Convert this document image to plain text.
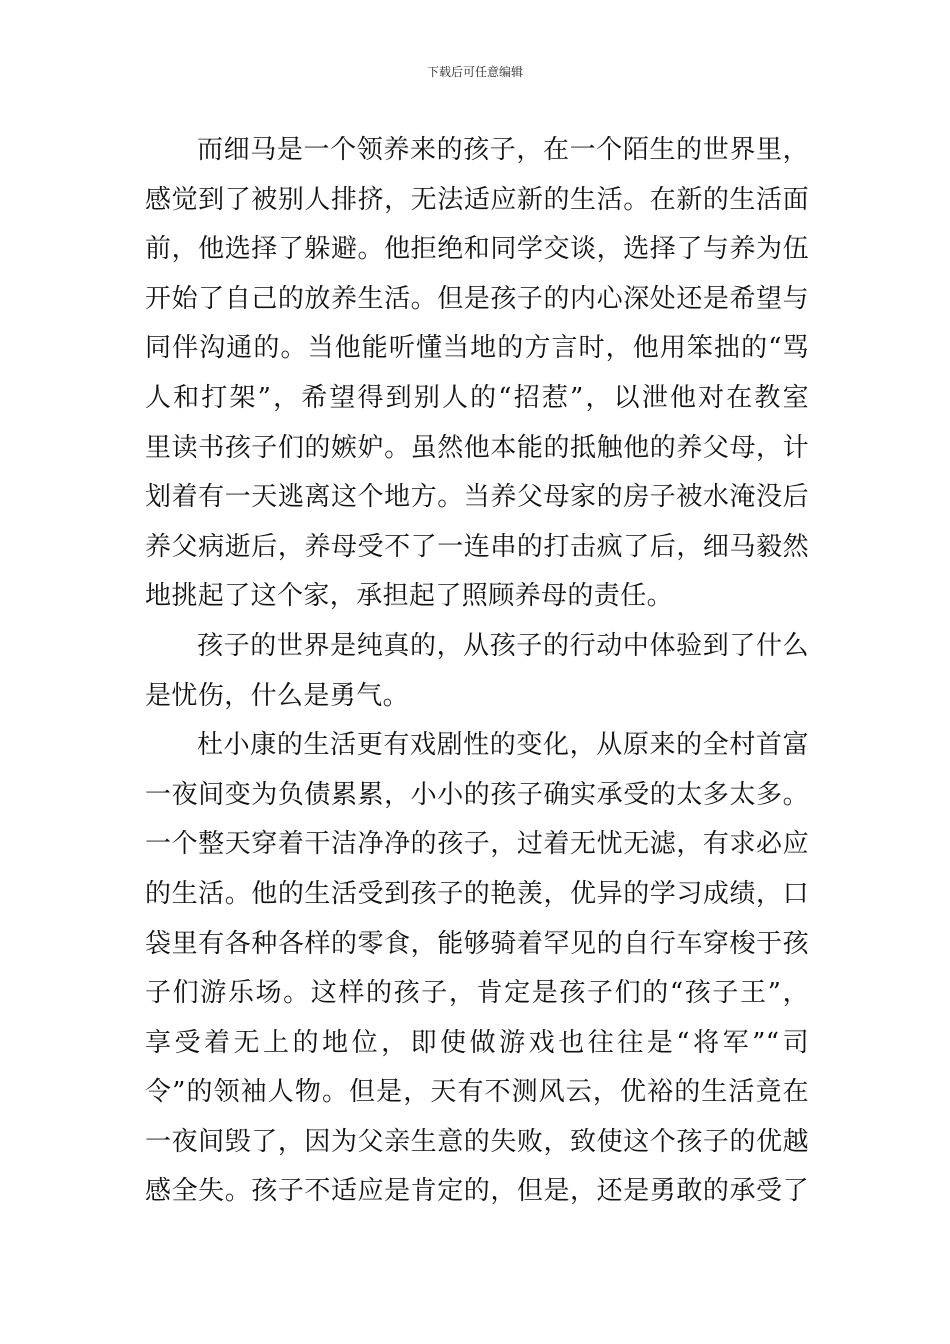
下载后可任意编辑
而细马是一个领养来的孩子，在一个陌生的世界里，
感觉到了被别人排挤，无法适应新的生活。在新的生活面
前，他选择了躲避。他拒绝和同学交谈，选择了与养为伍
开始了自己的放养生活。但是孩子的内心深处还是希望与
同伴沟通的。当他能听懂当地的方言时，他用笨拙的“骂
人和打架”，希望得到别人的“招惹”，以泄他对在教室
里读书孩子们的嫉妒。虽然他本能的抵触他的养父母，计
划着有一天逃离这个地方。当养父母家的房子被水淹没后
养父病逝后，养母受不了一连串的打击疯了后，细马毅然
地挑起了这个家，承担起了照顾养母的责任。
孩子的世界是纯真的，从孩子的行动中体验到了什么
是忧伤，什么是勇气。
杜小康的生活更有戏剧性的变化，从原来的全村首富
一夜间变为负债累累，小小的孩子确实承受的太多太多。
一个整天穿着干洁净净的孩子，过着无忧无滤，有求必应
的生活。他的生活受到孩子的艳羡，优异的学习成绩，口
袋里有各种各样的零食，能够骑着罕见的自行车穿梭于孩
子们游乐场。这样的孩子，肯定是孩子们的“孩子王”，
享受着无上的地位，即使做游戏也往往是“将军”“司
令”的领袖人物。但是，天有不测风云，优裕的生活竟在
一夜间毁了，因为父亲生意的失败，致使这个孩子的优越
感全失。孩子不适应是肯定的，但是，还是勇敢的承受了
